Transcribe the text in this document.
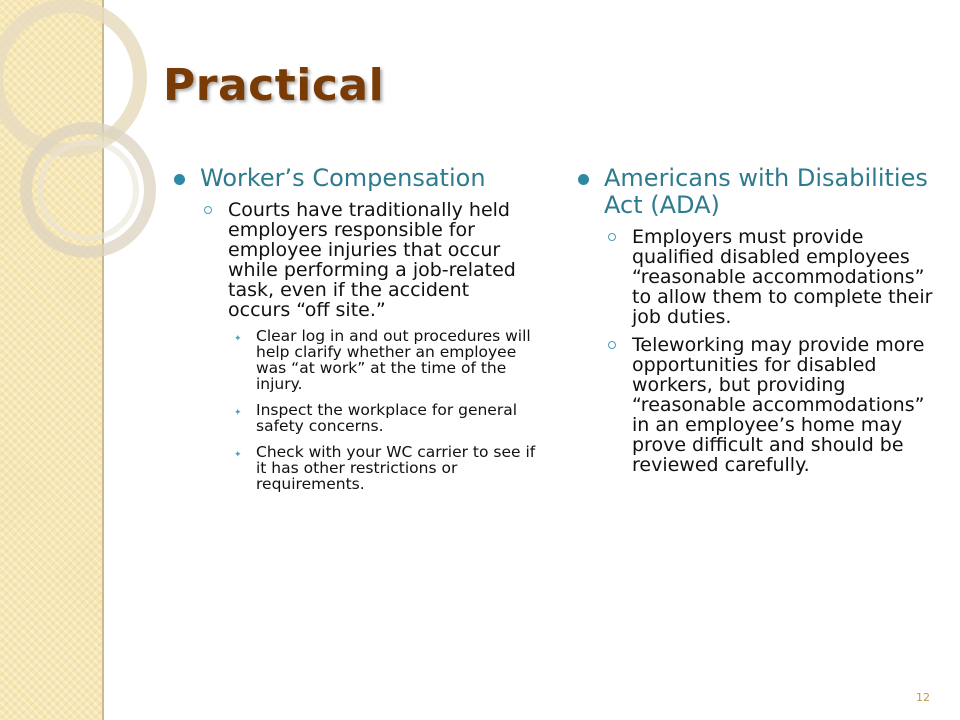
Practical
Worker’s Compensation
Courts have traditionally held employers responsible for employee injuries that occur while performing a job-related task, even if the accident occurs “off site.”
✦ Clear log in and out procedures will help clarify whether an employee was “at work” at the time of the injury.
✦ Inspect the workplace for general safety concerns.
✦ Check with your WC carrier to see if it has other restrictions or requirements.
Americans with Disabilities Act (ADA)
Employers must provide qualified disabled employees “reasonable accommodations” to allow them to complete their job duties.
Teleworking may provide more opportunities for disabled workers, but providing “reasonable accommodations” in an employee’s home may prove difficult and should be reviewed carefully.
12
